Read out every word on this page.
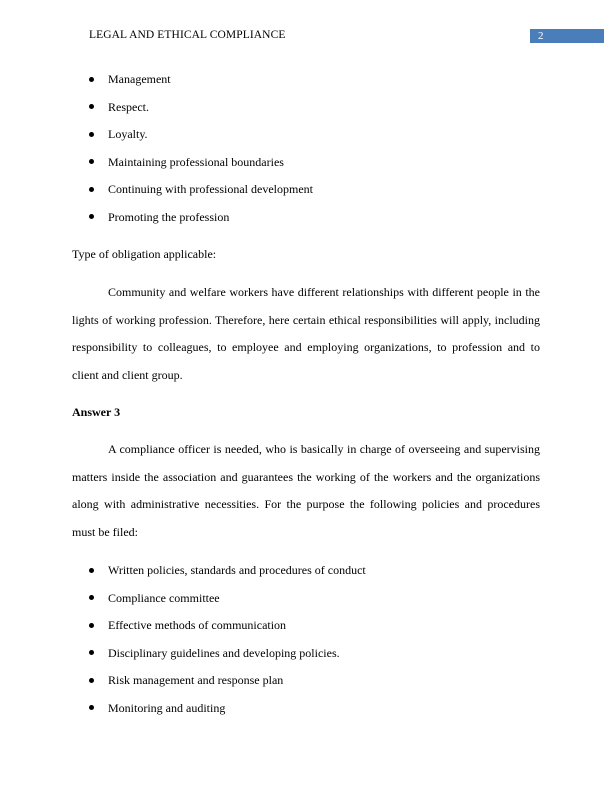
LEGAL AND ETHICAL COMPLIANCE	2
Management
Respect.
Loyalty.
Maintaining professional boundaries
Continuing with professional development
Promoting the profession
Type of obligation applicable:

Community and welfare workers have different relationships with different people in the lights of working profession. Therefore, here certain ethical responsibilities will apply, including responsibility to colleagues, to employee and employing organizations, to profession and to client and client group.

Answer 3

A compliance officer is needed, who is basically in charge of overseeing and supervising matters inside the association and guarantees the working of the workers and the organizations along with administrative necessities. For the purpose the following policies and procedures must be filed:

Written policies, standards and procedures of conduct
Compliance committee
Effective methods of communication
Disciplinary guidelines and developing policies.
Risk management and response plan
Monitoring and auditing
